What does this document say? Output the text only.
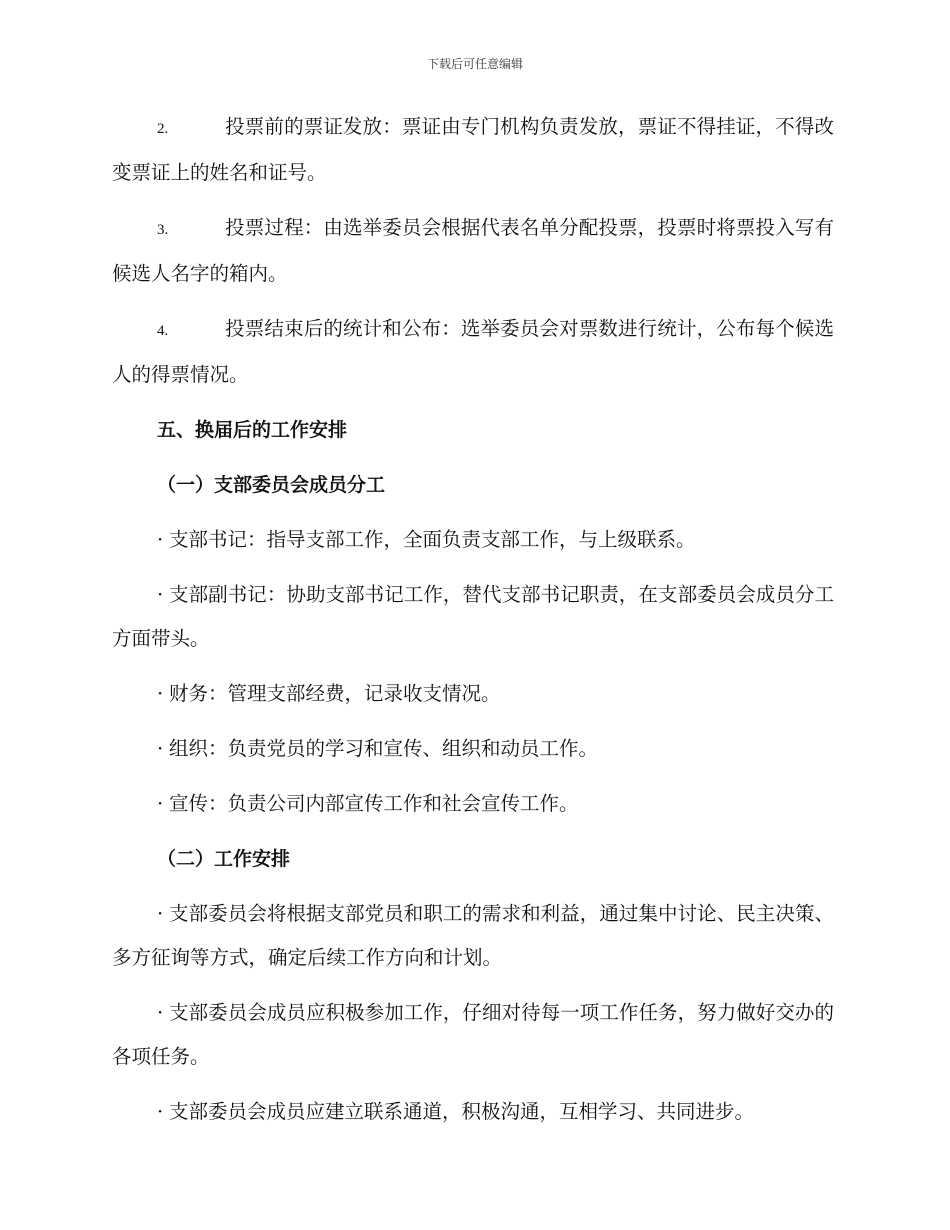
下载后可任意编辑

2.	投票前的票证发放：票证由专门机构负责发放，票证不得挂证，不得改变票证上的姓名和证号。

3.	投票过程：由选举委员会根据代表名单分配投票，投票时将票投入写有候选人名字的箱内。

4.	投票结束后的统计和公布：选举委员会对票数进行统计，公布每个候选人的得票情况。

五、换届后的工作安排
（一）支部委员会成员分工

· 支部书记：指导支部工作，全面负责支部工作，与上级联系。

· 支部副书记：协助支部书记工作，替代支部书记职责，在支部委员会成员分工方面带头。

· 财务：管理支部经费，记录收支情况。

· 组织：负责党员的学习和宣传、组织和动员工作。

· 宣传：负责公司内部宣传工作和社会宣传工作。

（二）工作安排

· 支部委员会将根据支部党员和职工的需求和利益，通过集中讨论、民主决策、多方征询等方式，确定后续工作方向和计划。

· 支部委员会成员应积极参加工作，仔细对待每一项工作任务，努力做好交办的各项任务。

· 支部委员会成员应建立联系通道，积极沟通，互相学习、共同进步。
